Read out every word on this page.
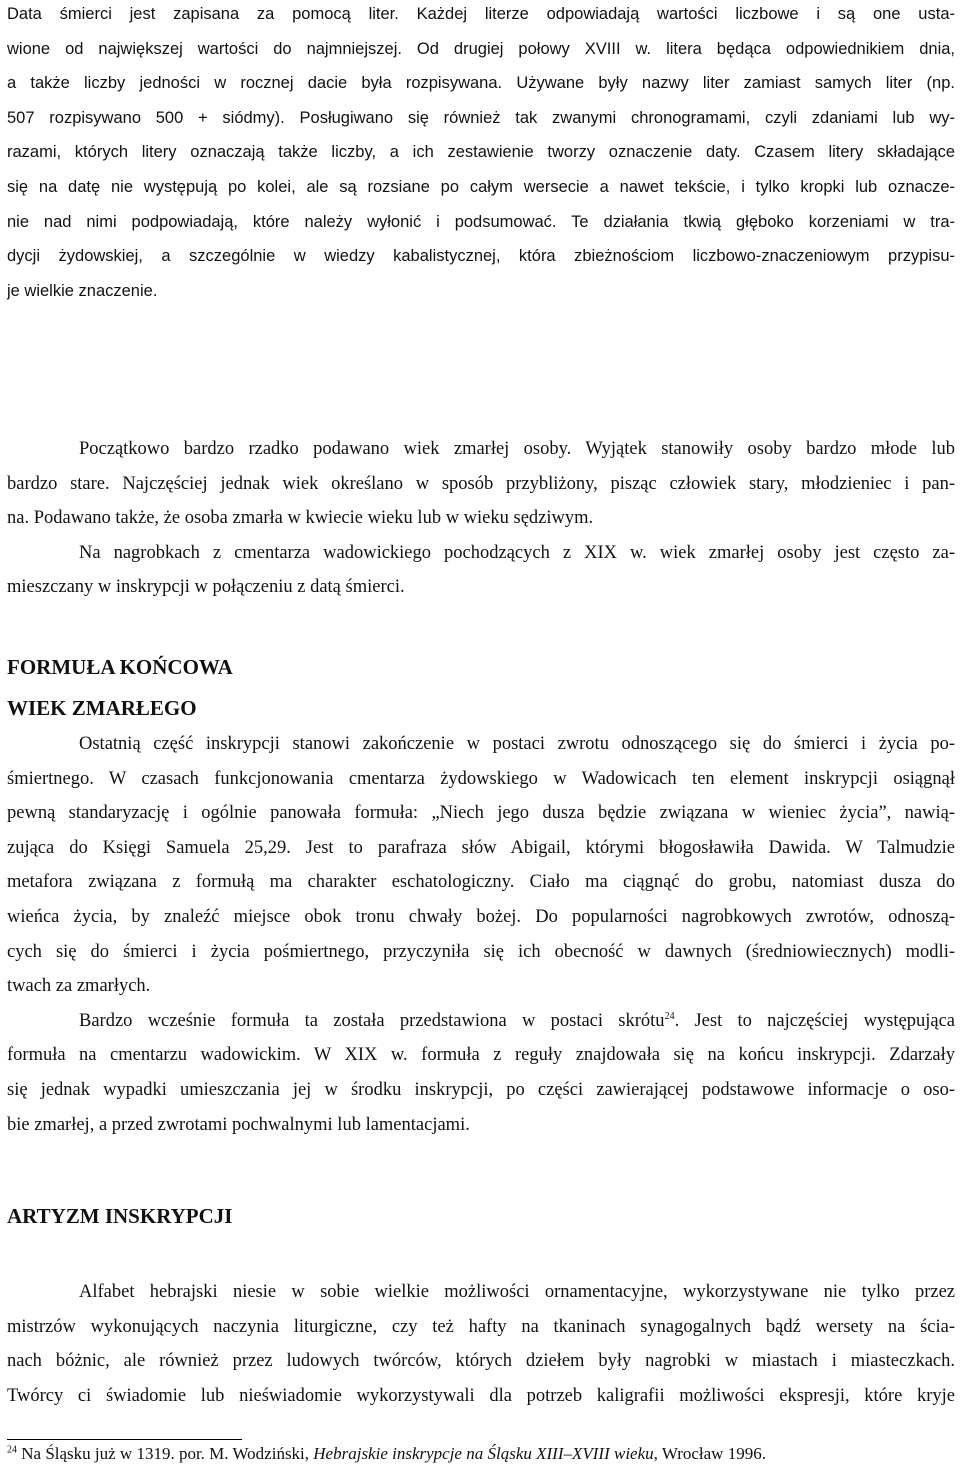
Data śmierci jest zapisana za pomocą liter. Każdej literze odpowiadają wartości liczbowe i są one usta-
wione od największej wartości do najmniejszej. Od drugiej połowy XVIII w. litera będąca odpowiednikiem dnia,
a także liczby jedności w rocznej dacie była rozpisywana. Używane były nazwy liter zamiast samych liter (np.
507 rozpisywano 500 + siódmy). Posługiwano się również tak zwanymi chronogramami, czyli zdaniami lub wy-
razami, których litery oznaczają także liczby, a ich zestawienie tworzy oznaczenie daty. Czasem litery składające
się na datę nie występują po kolei, ale są rozsiane po całym wersecie a nawet tekście, i tylko kropki lub oznacze-
nie nad nimi podpowiadają, które należy wyłonić i podsumować. Te działania tkwią głęboko korzeniami w tra-
dycji żydowskiej, a szczególnie w wiedzy kabalistycznej, która zbieżnościom liczbowo-znaczeniowym przypisu-
je wielkie znaczenie.
WIEK ZMARŁEGO
Początkowo bardzo rzadko podawano wiek zmarłej osoby. Wyjątek stanowiły osoby bardzo młode lub
bardzo stare. Najczęściej jednak wiek określano w sposób przybliżony, pisząc człowiek stary, młodzieniec i pan-
na. Podawano także, że osoba zmarła w kwiecie wieku lub w wieku sędziwym.
Na nagrobkach z cmentarza wadowickiego pochodzących z XIX w. wiek zmarłej osoby jest często za-
mieszczany w inskrypcji w połączeniu z datą śmierci.
FORMUŁA KOŃCOWA
Ostatnią część inskrypcji stanowi zakończenie w postaci zwrotu odnoszącego się do śmierci i życia po-
śmiertnego. W czasach funkcjonowania cmentarza żydowskiego w Wadowicach ten element inskrypcji osiągnął
pewną standaryzację i ogólnie panowała formuła: „Niech jego dusza będzie związana w wieniec życia”, nawią-
zująca do Księgi Samuela 25,29. Jest to parafraza słów Abigail, którymi błogosławiła Dawida. W Talmudzie
metafora związana z formułą ma charakter eschatologiczny. Ciało ma ciągnąć do grobu, natomiast dusza do
wieńca życia, by znaleźć miejsce obok tronu chwały bożej. Do popularności nagrobkowych zwrotów, odnoszą-
cych się do śmierci i życia pośmiertnego, przyczyniła się ich obecność w dawnych (średniowiecznych) modli-
twach za zmarłych.
Bardzo wcześnie formuła ta została przedstawiona w postaci skrótu$^{24}$. Jest to najczęściej występująca
formuła na cmentarzu wadowickim. W XIX w. formuła z reguły znajdowała się na końcu inskrypcji. Zdarzały
się jednak wypadki umieszczania jej w środku inskrypcji, po części zawierającej podstawowe informacje o oso-
bie zmarłej, a przed zwrotami pochwalnymi lub lamentacjami.
ARTYZM INSKRYPCJI
Alfabet hebrajski niesie w sobie wielkie możliwości ornamentacyjne, wykorzystywane nie tylko przez
mistrzów wykonujących naczynia liturgiczne, czy też hafty na tkaninach synagogalnych bądź wersety na ścia-
nach bóżnic, ale również przez ludowych twórców, których dziełem były nagrobki w miastach i miasteczkach.
Twórcy ci świadomie lub nieświadomie wykorzystywali dla potrzeb kaligrafii możliwości ekspresji, które kryje
$^{24}$ Na Śląsku już w 1319. por. M. Wodziński, Hebrajskie inskrypcje na Śląsku XIII–XVIII wieku, Wrocław 1996.
